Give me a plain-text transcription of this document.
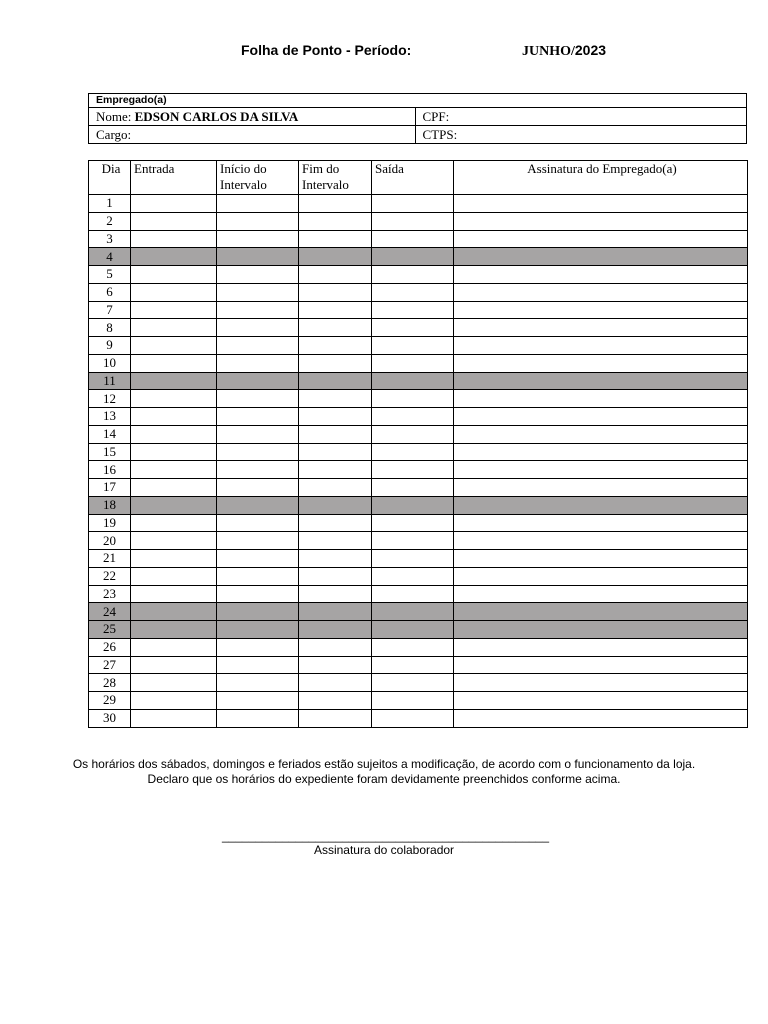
Folha de Ponto - Período:	JUNHO/2023
Empregado(a)	
Nome: EDSON CARLOS DA SILVA	CPF:
Cargo:	CTPS:
Dia	Entrada	Início do Intervalo	Fim do Intervalo	Saída	Assinatura do Empregado(a)
1					
2					
3					
4					
5					
6					
7					
8					
9					
10					
11					
12					
13					
14					
15					
16					
17					
18					
19					
20					
21					
22					
23					
24					
25					
26					
27					
28					
29					
30					
Os horários dos sábados, domingos e feriados estão sujeitos a modificação, de acordo com o funcionamento da loja.
Declaro que os horários do expediente foram devidamente preenchidos conforme acima.
_________________________________________________
Assinatura do colaborador
